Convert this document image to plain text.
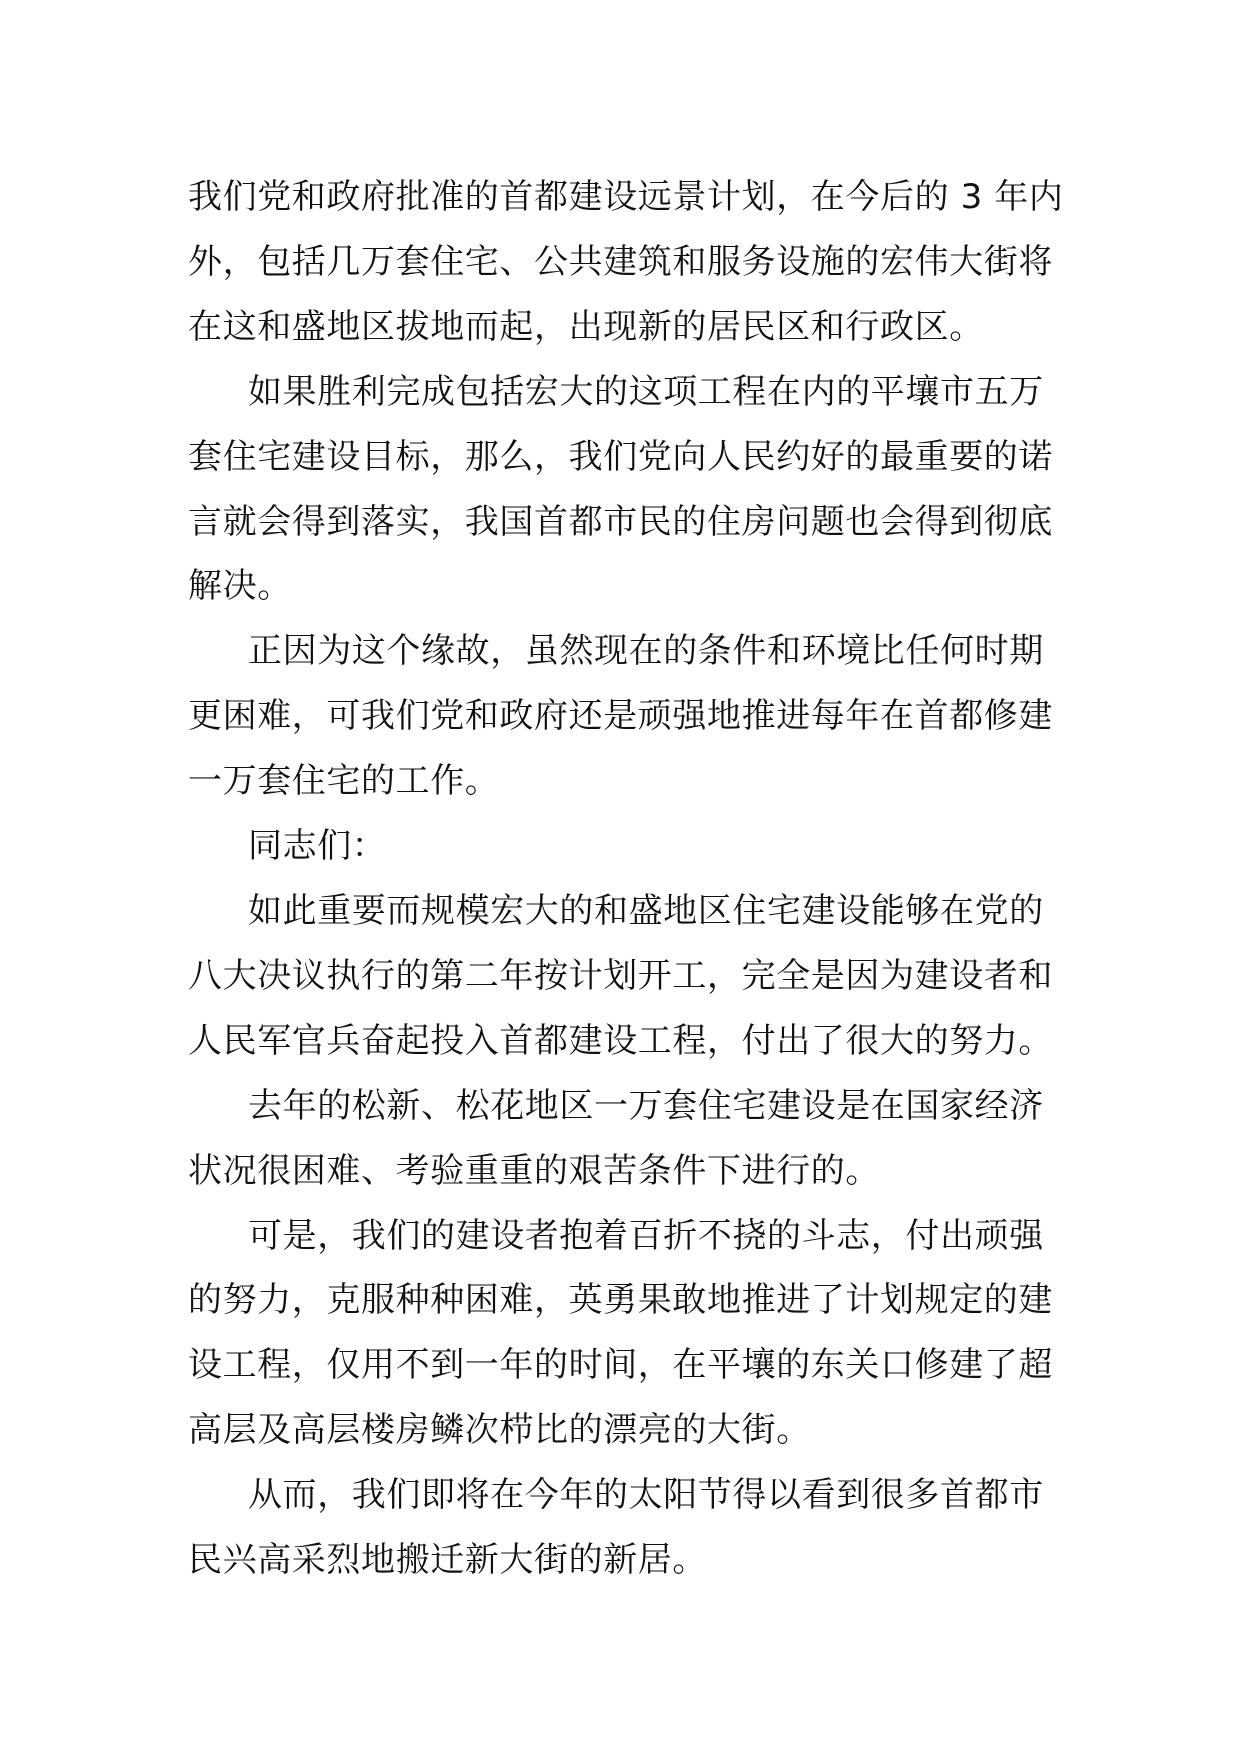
我们党和政府批准的首都建设远景计划，在今后的 3 年内
外，包括几万套住宅、公共建筑和服务设施的宏伟大街将
在这和盛地区拔地而起，出现新的居民区和行政区。

如果胜利完成包括宏大的这项工程在内的平壤市五万
套住宅建设目标，那么，我们党向人民约好的最重要的诺
言就会得到落实，我国首都市民的住房问题也会得到彻底
解决。

正因为这个缘故，虽然现在的条件和环境比任何时期
更困难，可我们党和政府还是顽强地推进每年在首都修建
一万套住宅的工作。

同志们：

如此重要而规模宏大的和盛地区住宅建设能够在党的
八大决议执行的第二年按计划开工，完全是因为建设者和
人民军官兵奋起投入首都建设工程，付出了很大的努力。

去年的松新、松花地区一万套住宅建设是在国家经济
状况很困难、考验重重的艰苦条件下进行的。

可是，我们的建设者抱着百折不挠的斗志，付出顽强
的努力，克服种种困难，英勇果敢地推进了计划规定的建
设工程，仅用不到一年的时间，在平壤的东关口修建了超
高层及高层楼房鳞次栉比的漂亮的大街。

从而，我们即将在今年的太阳节得以看到很多首都市
民兴高采烈地搬迁新大街的新居。
